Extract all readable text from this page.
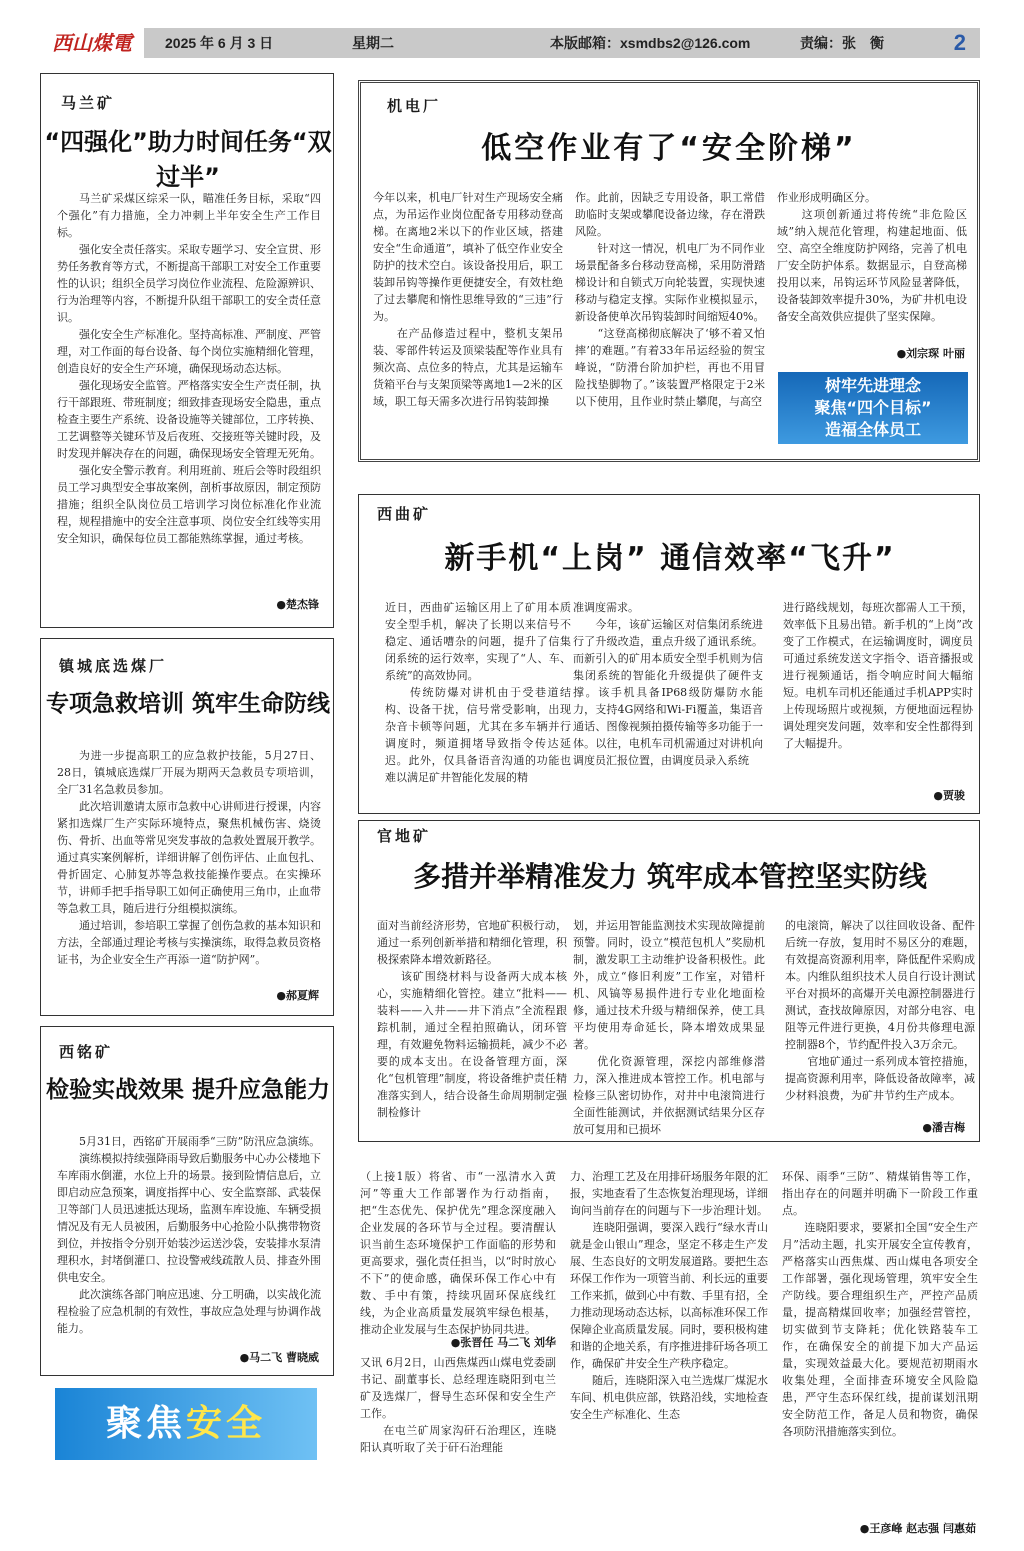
西山煤電	2025 年 6 月 3 日	星期二	本版邮箱：xsmdbs2@126.com	责编：张　衡	2
马兰矿
“四强化”助力时间任务“双过半”

马兰矿采煤区综采一队，瞄准任务目标，采取“四个强化”有力措施，全力冲刺上半年安全生产工作目标。

强化安全责任落实。采取专题学习、安全宣贯、形势任务教育等方式，不断提高干部职工对安全工作重要性的认识；组织全员学习岗位作业流程、危险源辨识、行为治理等内容，不断提升队组干部职工的安全责任意识。

强化安全生产标准化。坚持高标准、严制度、严管理，对工作面的每台设备、每个岗位实施精细化管理，创造良好的安全生产环境，确保现场动态达标。

强化现场安全监管。严格落实安全生产责任制，执行干部跟班、带班制度；细致排查现场安全隐患，重点检查主要生产系统、设备设施等关键部位，工序转换、工艺调整等关键环节及后夜班、交接班等关键时段，及时发现并解决存在的问题，确保现场安全管理无死角。

强化安全警示教育。利用班前、班后会等时段组织员工学习典型安全事故案例，剖析事故原因，制定预防措施；组织全队岗位员工培训学习岗位标准化作业流程，规程措施中的安全注意事项、岗位安全红线等实用安全知识，确保每位员工都能熟练掌握，通过考核。

●楚杰锋
镇城底选煤厂
专项急救培训 筑牢生命防线

为进一步提高职工的应急救护技能，5月27日、28日，镇城底选煤厂开展为期两天急救员专项培训，全厂31名急救员参加。

此次培训邀请太原市急救中心讲师进行授课，内容紧扣选煤厂生产实际环境特点，聚焦机械伤害、烧烫伤、骨折、出血等常见突发事故的急救处置展开教学。通过真实案例解析，详细讲解了创伤评估、止血包扎、骨折固定、心肺复苏等急救技能操作要点。在实操环节，讲师手把手指导职工如何正确使用三角巾，止血带等急救工具，随后进行分组模拟演练。

通过培训，参培职工掌握了创伤急救的基本知识和方法，全部通过理论考核与实操演练，取得急救员资格证书，为企业安全生产再添一道“防护网”。

●郝夏辉
西铭矿
检验实战效果 提升应急能力

5月31日，西铭矿开展雨季“三防”防汛应急演练。

演练模拟持续强降雨导致后勤服务中心办公楼地下车库雨水倒灌，水位上升的场景。接到险情信息后，立即启动应急预案，调度指挥中心、安全监察部、武装保卫等部门人员迅速抵达现场，监测车库设施、车辆受损情况及有无人员被困，后勤服务中心抢险小队携带物资到位，并按指令分别开始装沙运送沙袋，安装排水泵清理积水，封堵倒灌口、拉设警戒线疏散人员、排查外围供电安全。

此次演练各部门响应迅速、分工明确，以实战化流程检验了应急机制的有效性，事故应急处理与协调作战能力。

●马二飞 曹晓威
聚焦安全
机电厂
低空作业有了“安全阶梯”
今年以来，机电厂针对生产现场安全痛点，为吊运作业岗位配备专用移动登高梯。在离地2米以下的作业区域，搭建安全“生命通道”，填补了低空作业安全防护的技术空白。该设备投用后，职工装卸吊钩等操作更便捷安全，有效杜绝了过去攀爬和惰性思维导致的“三违”行为。
　　在产品修造过程中，整机支架吊装、零部件转运及顶梁装配等作业具有频次高、点位多的特点，尤其是运输车货箱平台与支架顶梁等离地1—2米的区域，职工每天需多次进行吊钩装卸操
作。此前，因缺乏专用设备，职工常借助临时支架或攀爬设备边缘，存在滑跌风险。
　　针对这一情况，机电厂为不同作业场景配备多台移动登高梯，采用防滑踏梯设计和自锁式万向轮装置，实现快速移动与稳定支撑。实际作业模拟显示，新设备使单次吊钩装卸时间缩短40%。
　　“这登高梯彻底解决了‘够不着又怕摔’的难题。”有着33年吊运经验的贺宝峰说，“防滑台阶加护栏，再也不用冒险找垫脚物了。”该装置严格限定于2米以下使用，且作业时禁止攀爬，与高空
作业形成明确区分。
　　这项创新通过将传统“非危险区域”纳入规范化管理，构建起地面、低空、高空全维度防护网络，完善了机电厂安全防护体系。数据显示，自登高梯投用以来，吊钩运环节风险显著降低，设备装卸效率提升30%，为矿井机电设备安全高效供应提供了坚实保障。
●刘宗琛 叶丽
树牢先进理念
聚焦“四个目标”
造福全体员工
西曲矿
新手机“上岗” 通信效率“飞升”
近日，西曲矿运输区用上了矿用本质安全型手机，解决了长期以来信号不稳定、通话嘈杂的问题，提升了信集闭系统的运行效率，实现了“人、车、系统”的高效协同。
　　传统防爆对讲机由于受巷道结构、设备干扰，信号常受影响，出现杂音卡顿等问题，尤其在多车辆并行调度时，频道拥堵导致指令传达延迟。此外，仅具备语音沟通的功能也难以满足矿井智能化发展的精
准调度需求。
　　今年，该矿运输区对信集闭系统进行了升级改造，重点升级了通讯系统。而新引入的矿用本质安全型手机则为信集闭系统的智能化升级提供了硬件支撑。该手机具备IP68级防爆防水能力，支持4G网络和Wi-Fi覆盖，集语音通话、图像视频拍摄传输等多功能于一体。以往，电机车司机需通过对讲机向调度员汇报位置，由调度员录入系统
进行路线规划，每班次都需人工干预，效率低下且易出错。新手机的“上岗”改变了工作模式，在运输调度时，调度员可通过系统发送文字指令、语音播报或进行视频通话，指令响应时间大幅缩短。电机车司机还能通过手机APP实时上传现场照片或视频，方便地面远程协调处理突发问题，效率和安全性都得到了大幅提升。
●贾骏
官地矿
多措并举精准发力 筑牢成本管控坚实防线
面对当前经济形势，官地矿积极行动，通过一系列创新举措和精细化管理，积极探索降本增效新路径。
　　该矿围绕材料与设备两大成本核心，实施精细化管控。建立“批料——装料——入井——井下消点”全流程跟踪机制，通过全程拍照确认，闭环管理，有效避免物料运输损耗，减少不必要的成本支出。在设备管理方面，深化“包机管理”制度，将设备维护责任精准落实到人，结合设备生命周期制定强制检修计
划，并运用智能监测技术实现故障提前预警。同时，设立“模范包机人”奖励机制，激发职工主动维护设备积极性。此外，成立“修旧利废”工作室，对错杆机、风镐等易损件进行专业化地面检修，通过技术升级与精细保养，使工具平均使用寿命延长，降本增效成果显著。
　　优化资源管理，深挖内部维修潜力，深入推进成本管控工作。机电部与检修三队密切协作，对井中电滚筒进行全面性能测试，并依据测试结果分区存放可复用和已损坏
的电滚筒，解决了以往回收设备、配件后统一存放，复用时不易区分的难题，有效提高资源利用率，降低配件采购成本。内维队组织技术人员自行设计测试平台对损坏的高爆开关电源控制器进行测试，查找故障原因，对部分电容、电阻等元件进行更换，4月份共修理电源控制器8个，节约配件投入3万余元。
　　官地矿通过一系列成本管控措施，提高资源利用率，降低设备故障率，减少材料浪费，为矿井节约生产成本。
●潘吉梅
（上接1版）将省、市“一泓清水入黄河”等重大工作部署作为行动指南，把“生态优先、保护优先”理念深度融入企业发展的各环节与全过程。要清醒认识当前生态环境保护工作面临的形势和更高要求，强化责任担当，以“时时放心不下”的使命感，确保环保工作心中有数、手中有策，持续巩固环保底线红线，为企业高质量发展筑牢绿色根基，推动企业发展与生态保护协同共进。
●张晋任 马二飞 刘华
又讯 6月2日，山西焦煤西山煤电党委副书记、副董事长、总经理连晓阳到屯兰矿及选煤厂，督导生态环保和安全生产工作。
　　在屯兰矿周家沟矸石治理区，连晓阳认真听取了关于矸石治理能
力、治理工艺及在用排矸场服务年限的汇报，实地查看了生态恢复治理现场，详细询问当前存在的问题与下一步治理计划。
　　连晓阳强调，要深入践行“绿水青山就是金山银山”理念，坚定不移走生产发展、生态良好的文明发展道路。要把生态环保工作作为一项管当前、利长远的重要工作来抓，做到心中有数、手里有招，全力推动现场动态达标，以高标准环保工作保障企业高质量发展。同时，要积极构建和谐的企地关系，有序推进排矸场各项工作，确保矿井安全生产秩序稳定。
　　随后，连晓阳深入屯兰选煤厂煤泥水车间、机电供应部，铁路沿线，实地检查安全生产标准化、生态
环保、雨季“三防”、精煤销售等工作，指出存在的问题并明确下一阶段工作重点。
　　连晓阳要求，要紧扣全国“安全生产月”活动主题，扎实开展安全宣传教育，严格落实山西焦煤、西山煤电各项安全工作部署，强化现场管理，筑牢安全生产防线。要合理组织生产，严控产品质量，提高精煤回收率；加强经营管控，切实做到节支降耗；优化铁路装车工作，在确保安全的前提下加大产品运量，实现效益最大化。要规范初期雨水收集处理，全面排查环境安全风险隐患，严守生态环保红线，提前谋划汛期安全防范工作，备足人员和物资，确保各项防汛措施落实到位。
●王彦峰 赵志强 闫惠茹
